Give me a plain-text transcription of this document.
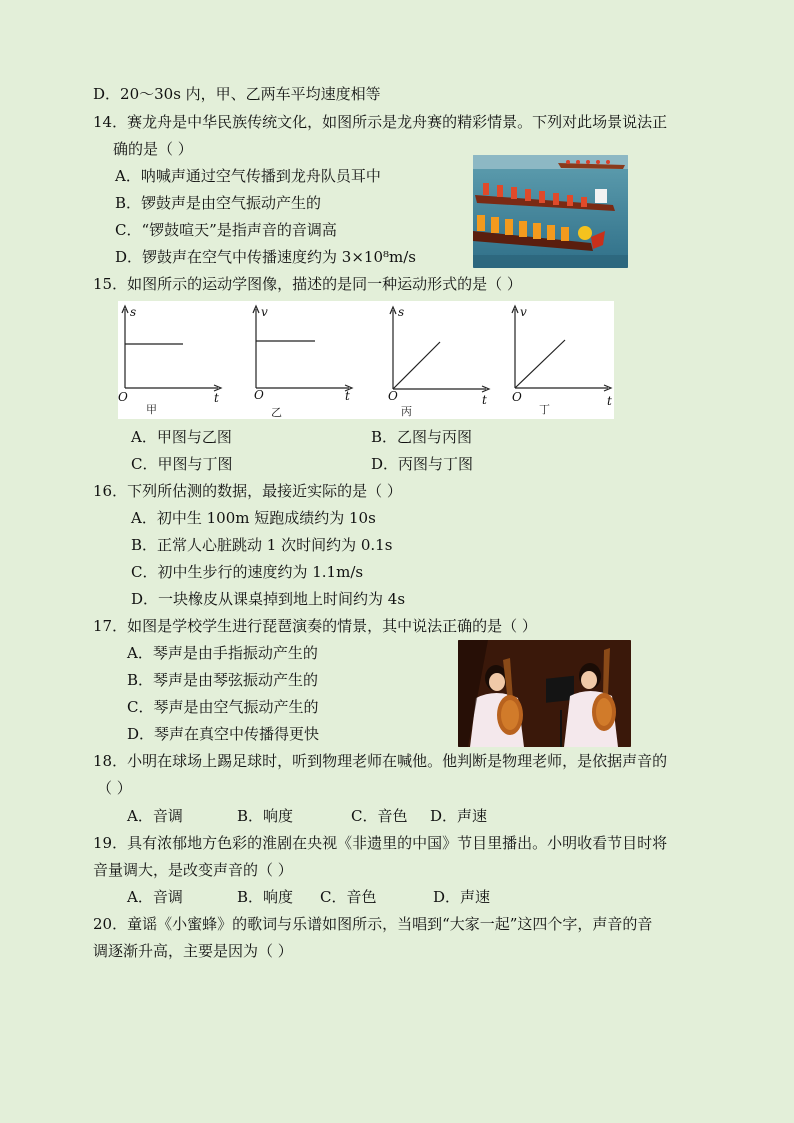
D．20～30s 内，甲、乙两车平均速度相等
14．赛龙舟是中华民族传统文化，如图所示是龙舟赛的精彩情景。下列对此场景说法正
确的是（ ）
A．呐喊声通过空气传播到龙舟队员耳中
B．锣鼓声是由空气振动产生的
C．“锣鼓喧天”是指声音的音调高
D．锣鼓声在空气中传播速度约为 3×10⁸m/s
15．如图所示的运动学图像，描述的是同一种运动形式的是（ ）
s
O	t
甲
v
O	t
乙
s
O	t
丙
v
O	t
丁
A．甲图与乙图	B．乙图与丙图
C．甲图与丁图	D．丙图与丁图
16．下列所估测的数据，最接近实际的是（ ）
A．初中生 100m 短跑成绩约为 10s
B．正常人心脏跳动 1 次时间约为 0.1s
C．初中生步行的速度约为 1.1m/s
D．一块橡皮从课桌掉到地上时间约为 4s
17．如图是学校学生进行琵琶演奏的情景，其中说法正确的是（ ）
A．琴声是由手指振动产生的
B．琴声是由琴弦振动产生的
C．琴声是由空气振动产生的
D．琴声在真空中传播得更快
18．小明在球场上踢足球时，听到物理老师在喊他。他判断是物理老师，是依据声音的
（ ）
A．音调	B．响度	C．音色 D．声速
19．具有浓郁地方色彩的淮剧在央视《非遗里的中国》节目里播出。小明收看节目时将
音量调大，是改变声音的（ ）
A．音调	B．响度 C．音色	D．声速
20．童谣《小蜜蜂》的歌词与乐谱如图所示，当唱到“大家一起”这四个字，声音的音
调逐渐升高，主要是因为（ ）
